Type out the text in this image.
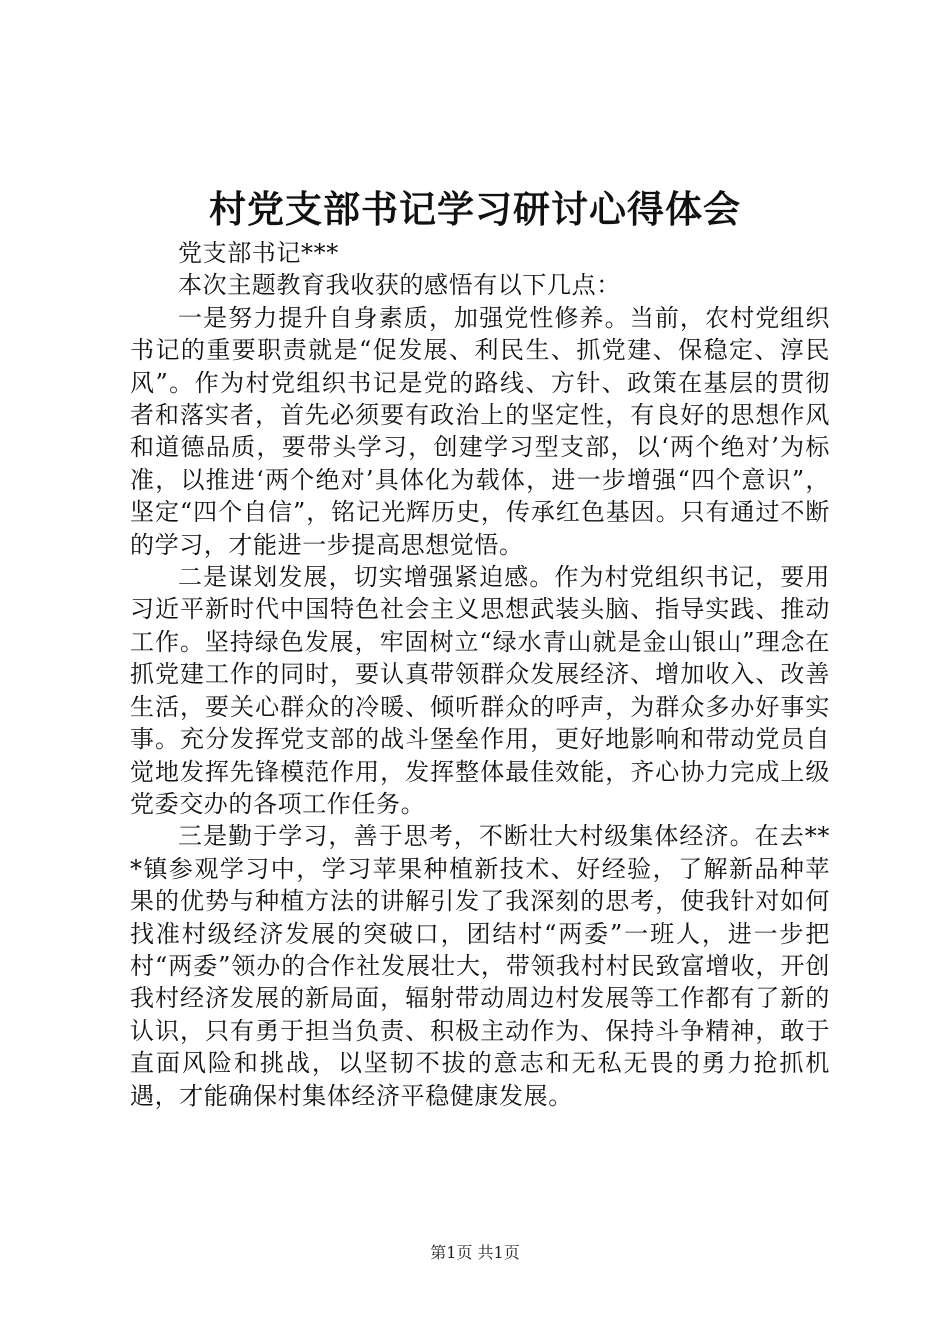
村党支部书记学习研讨心得体会

党支部书记***

本次主题教育我收获的感悟有以下几点：

一是努力提升自身素质，加强党性修养。当前，农村党组织书记的重要职责就是“促发展、利民生、抓党建、保稳定、淳民风”。作为村党组织书记是党的路线、方针、政策在基层的贯彻者和落实者，首先必须要有政治上的坚定性，有良好的思想作风和道德品质，要带头学习，创建学习型支部，以‘两个绝对’为标准，以推进‘两个绝对’具体化为载体，进一步增强“四个意识”，坚定“四个自信”，铭记光辉历史，传承红色基因。只有通过不断的学习，才能进一步提高思想觉悟。

二是谋划发展，切实增强紧迫感。作为村党组织书记，要用习近平新时代中国特色社会主义思想武装头脑、指导实践、推动工作。坚持绿色发展，牢固树立“绿水青山就是金山银山”理念在抓党建工作的同时，要认真带领群众发展经济、增加收入、改善生活，要关心群众的冷暖、倾听群众的呼声，为群众多办好事实事。充分发挥党支部的战斗堡垒作用，更好地影响和带动党员自觉地发挥先锋模范作用，发挥整体最佳效能，齐心协力完成上级党委交办的各项工作任务。

三是勤于学习，善于思考，不断壮大村级集体经济。在去***镇参观学习中，学习苹果种植新技术、好经验，了解新品种苹果的优势与种植方法的讲解引发了我深刻的思考，使我针对如何找准村级经济发展的突破口，团结村“两委”一班人，进一步把村“两委”领办的合作社发展壮大，带领我村村民致富增收，开创我村经济发展的新局面，辐射带动周边村发展等工作都有了新的认识，只有勇于担当负责、积极主动作为、保持斗争精神，敢于直面风险和挑战，以坚韧不拔的意志和无私无畏的勇力抢抓机遇，才能确保村集体经济平稳健康发展。

第1页 共1页
